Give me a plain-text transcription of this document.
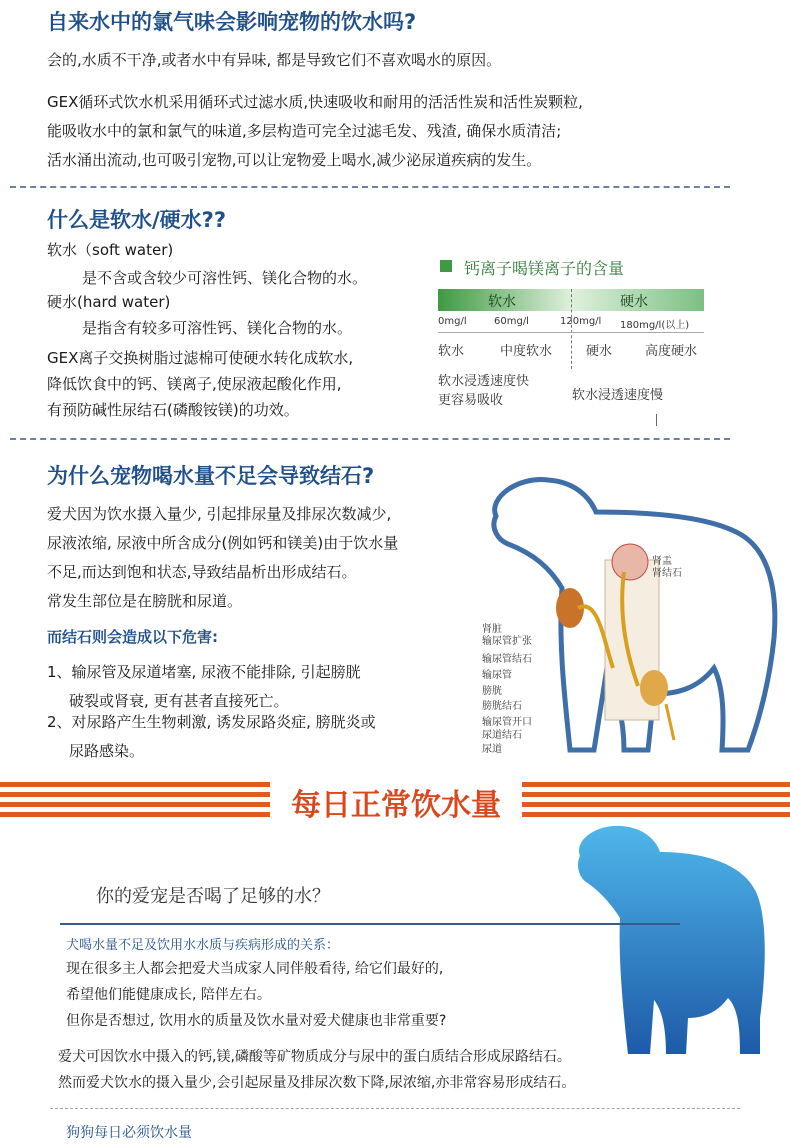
自来水中的氯气味会影响宠物的饮水吗?
会的,水质不干净,或者水中有异味, 都是导致它们不喜欢喝水的原因。
GEX循环式饮水机采用循环式过滤水质,快速吸收和耐用的活活性炭和活性炭颗粒,
能吸收水中的氯和氯气的味道,多层构造可完全过滤毛发、残渣, 确保水质清洁;
活水涌出流动,也可吸引宠物,可以让宠物爱上喝水,减少泌尿道疾病的发生。
什么是软水/硬水??
软水（soft water)
是不含或含较少可溶性钙、镁化合物的水。
硬水(hard water)
是指含有较多可溶性钙、镁化合物的水。
GEX离子交换树脂过滤棉可使硬水转化成软水,
降低饮食中的钙、镁离子,使尿液起酸化作用,
有预防碱性尿结石(磷酸铵镁)的功效。
钙离子喝镁离子的含量
软水	硬水
0mg/l	60mg/l	120mg/l 180mg/l(以上)
软水	中度软水	硬水	高度硬水
软水浸透速度快
更容易吸收	软水浸透速度慢
为什么宠物喝水量不足会导致结石?
爱犬因为饮水摄入量少, 引起排尿量及排尿次数减少,
尿液浓缩, 尿液中所含成分(例如钙和镁美)由于饮水量
不足,而达到饱和状态,导致结晶析出形成结石。
常发生部位是在膀胱和尿道。
而结石则会造成以下危害:
1、输尿管及尿道堵塞, 尿液不能排除, 引起膀胱
破裂或肾衰, 更有甚者直接死亡。
2、对尿路产生生物刺激, 诱发尿路炎症, 膀胱炎或
尿路感染。
肾盂
肾结石
肾脏
输尿管扩张
输尿管结石
输尿管
膀胱
膀胱结石
输尿管开口
尿道结石
尿道
每日正常饮水量
你的爱宠是否喝了足够的水？
犬喝水量不足及饮用水水质与疾病形成的关系：
现在很多主人都会把爱犬当成家人同伴般看待, 给它们最好的,
希望他们能健康成长, 陪伴左右。
但你是否想过, 饮用水的质量及饮水量对爱犬健康也非常重要?
爱犬可因饮水中摄入的钙,镁,磷酸等矿物质成分与尿中的蛋白质结合形成尿路结石。
然而爱犬饮水的摄入量少,会引起尿量及排尿次数下降,尿浓缩,亦非常容易形成结石。
狗狗每日必须饮水量
